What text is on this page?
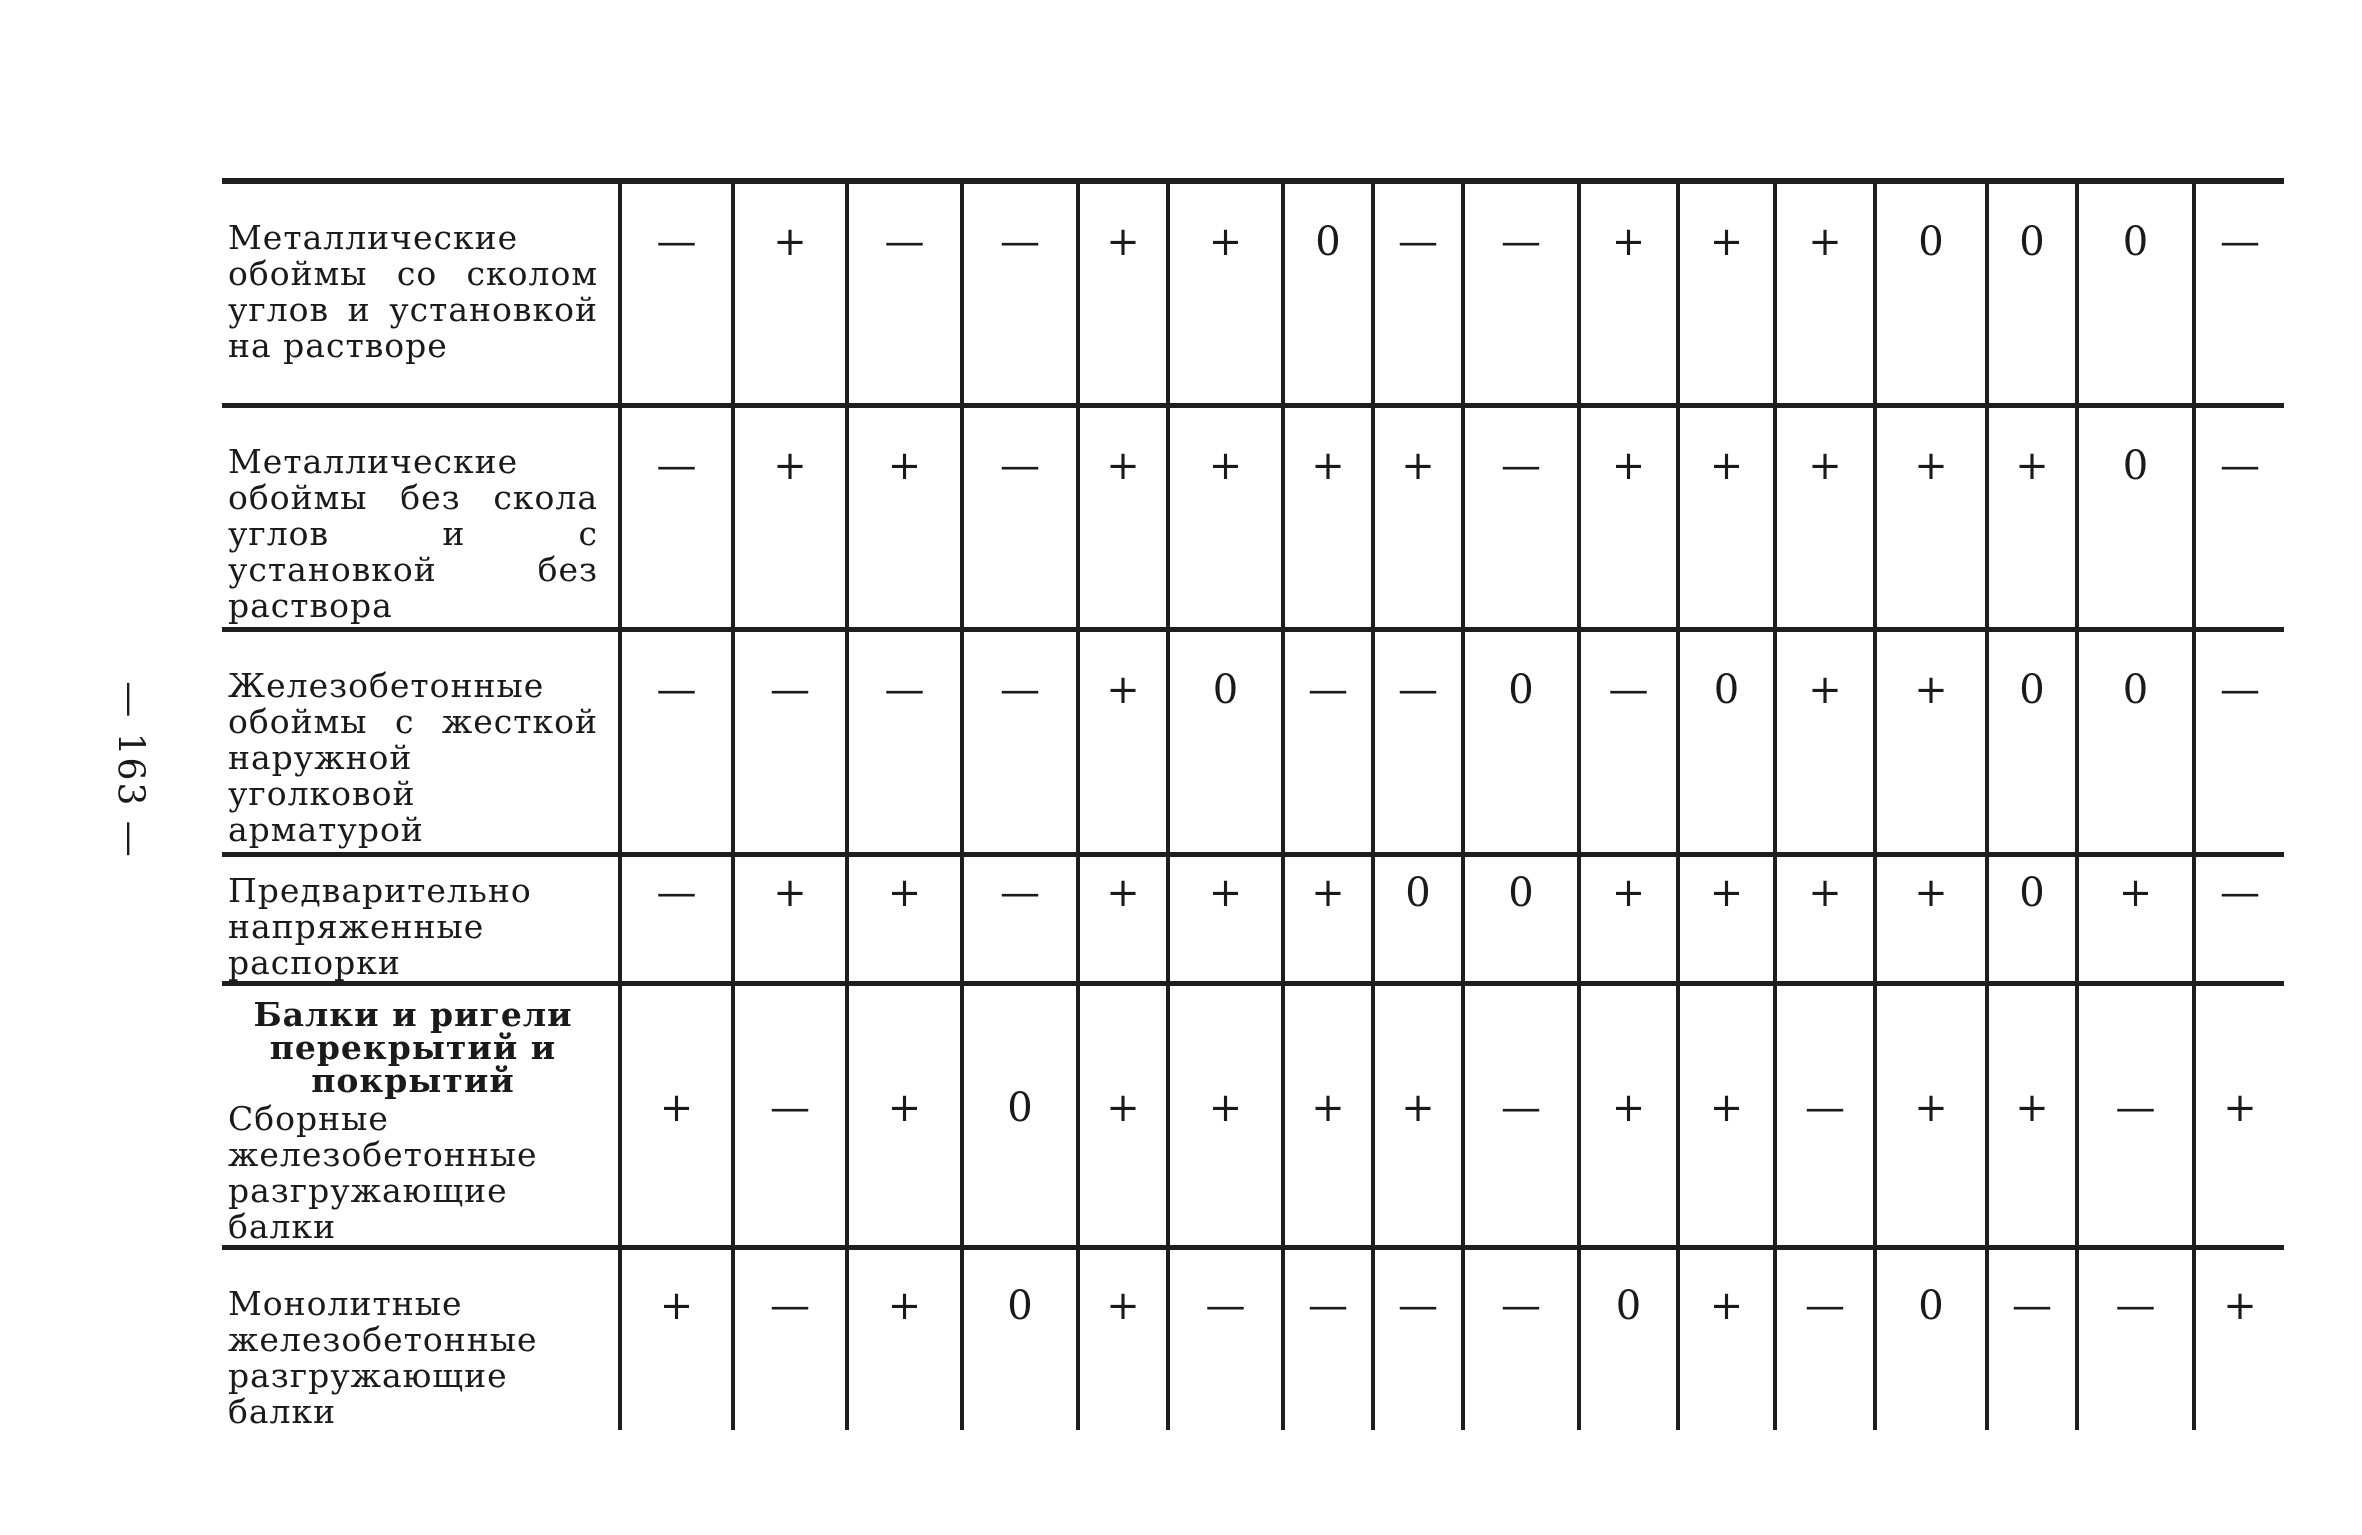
— 163 —
Металлические обоймы со сколом углов и установкой на растворе	—	+	—	—	+	+	0	—	—	+	+	+	0	0	0	—

Металлические обоймы без скола углов и с установкой без раствора	—	+	+	—	+	+	+	+	—	+	+	+	+	+	0	—

Железобетонные обоймы с жесткой наружной уголковой арматурой	—	—	—	—	+	0	—	—	0	—	0	+	+	0	0	—

Предварительно напряженные распорки	—	+	+	—	+	+	+	0	0	+	+	+	+	0	+	—

Балки и ригели перекрытий и покрытий
Сборные железобетонные разгружающие балки	+	—	+	0	+	+	+	+	—	+	+	—	+	+	—	+

Монолитные железобетонные разгружающие балки	+	—	+	0	+	—	—	—	—	0	+	—	0	—	—	+
